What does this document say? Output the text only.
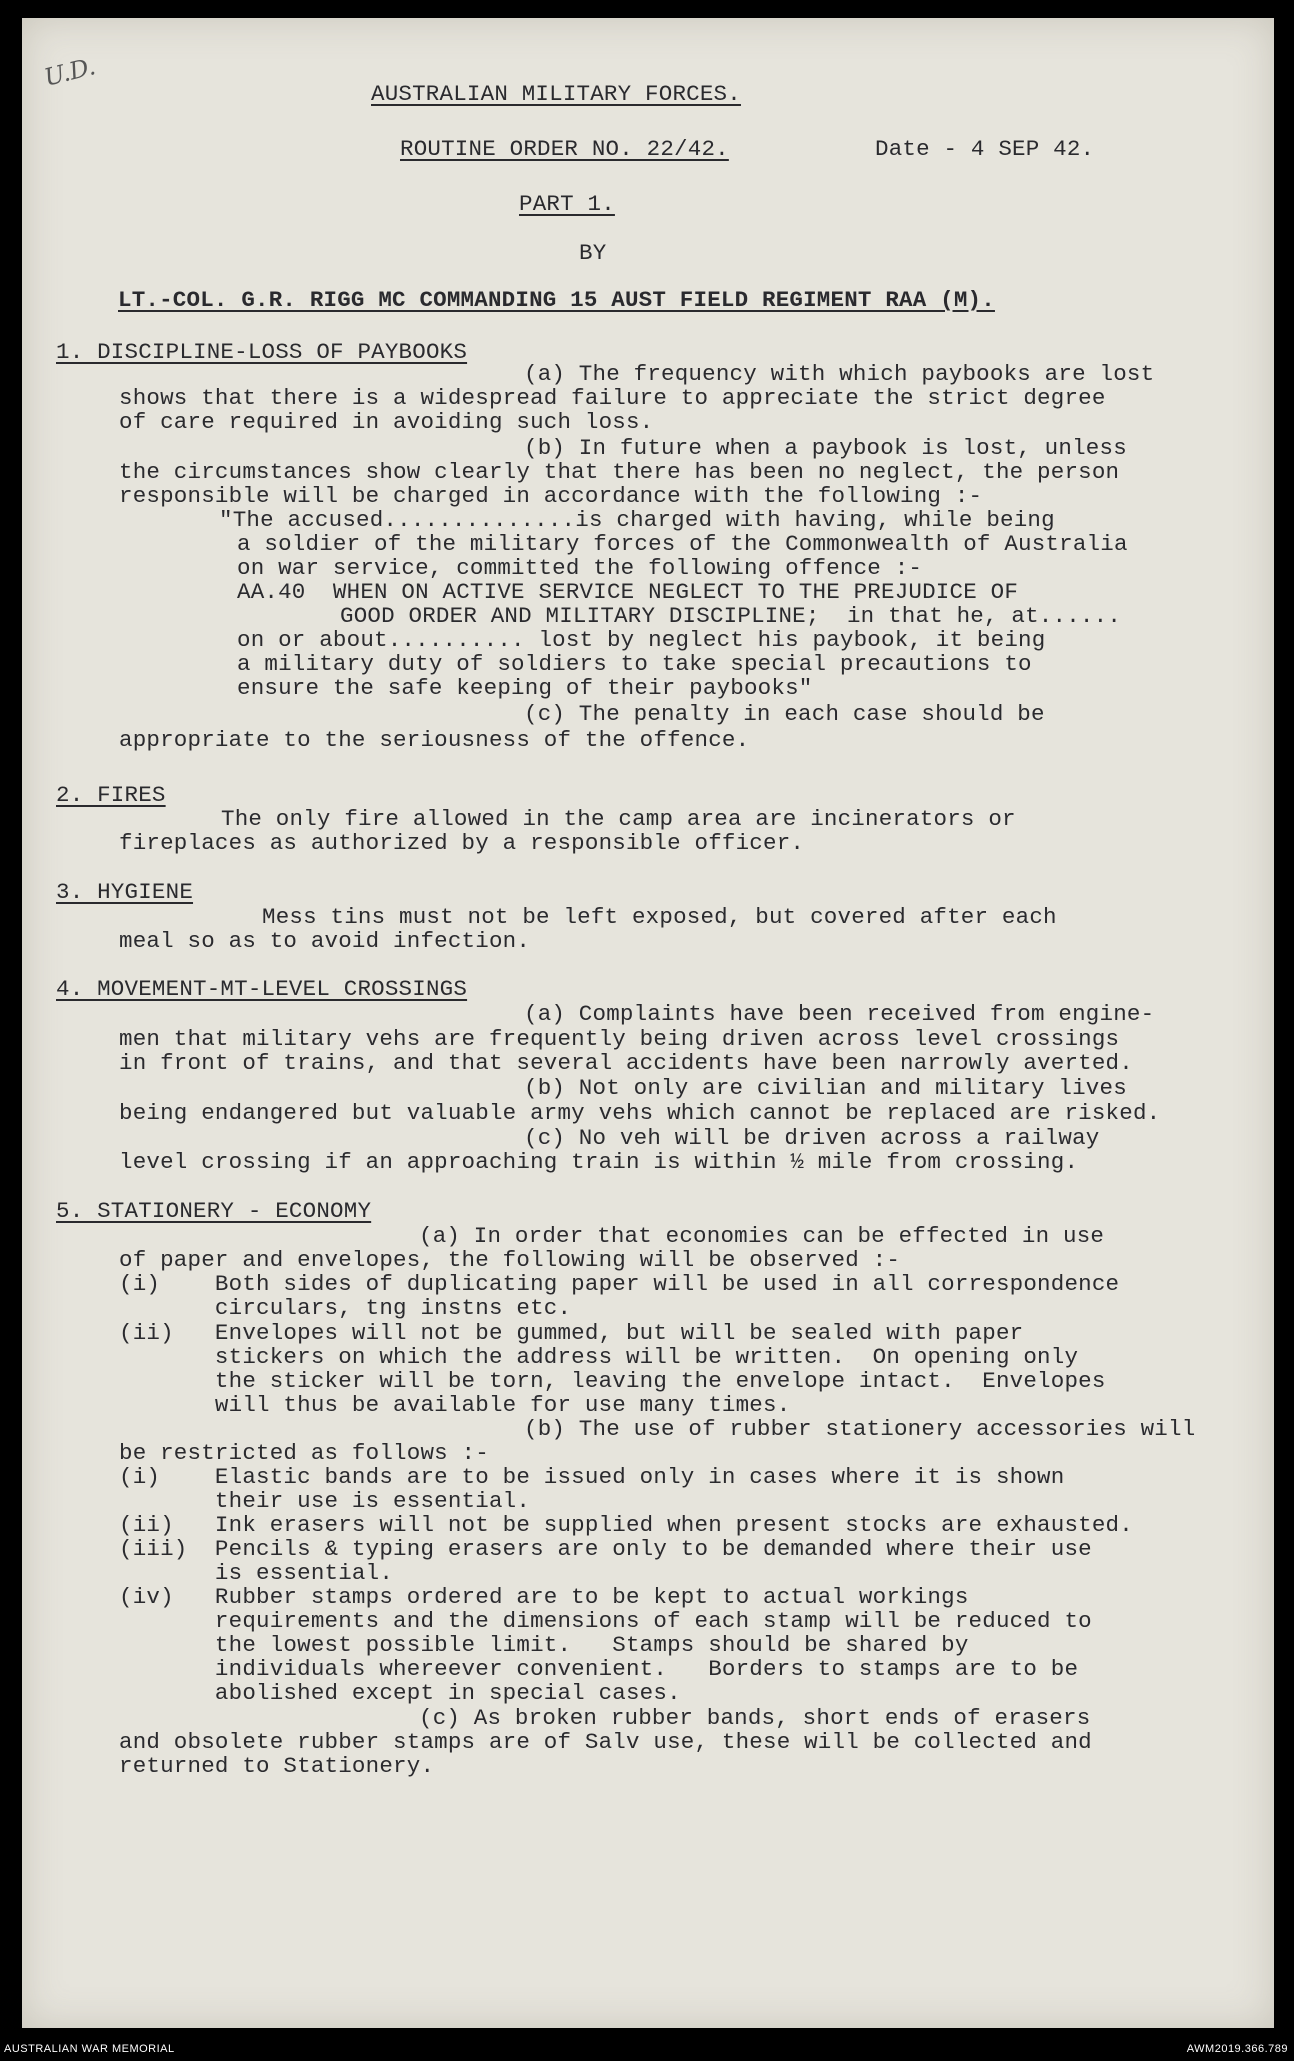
U.D.
AUSTRALIAN MILITARY FORCES.
ROUTINE ORDER NO. 22/42.	Date - 4 SEP 42.
PART 1.
BY
LT.-COL. G.R. RIGG MC COMMANDING 15 AUST FIELD REGIMENT RAA (M).
1. DISCIPLINE-LOSS OF PAYBOOKS
(a) The frequency with which paybooks are lost
shows that there is a widespread failure to appreciate the strict degree
of care required in avoiding such loss.
(b) In future when a paybook is lost, unless
the circumstances show clearly that there has been no neglect, the person
responsible will be charged in accordance with the following :-
"The accused..............is charged with having, while being
a soldier of the military forces of the Commonwealth of Australia
on war service, committed the following offence :-
AA.40  WHEN ON ACTIVE SERVICE NEGLECT TO THE PREJUDICE OF
GOOD ORDER AND MILITARY DISCIPLINE;  in that he, at......
on or about.......... lost by neglect his paybook, it being
a military duty of soldiers to take special precautions to
ensure the safe keeping of their paybooks"
(c) The penalty in each case should be
appropriate to the seriousness of the offence.
2. FIRES
The only fire allowed in the camp area are incinerators or
fireplaces as authorized by a responsible officer.
3. HYGIENE
Mess tins must not be left exposed, but covered after each
meal so as to avoid infection.
4. MOVEMENT-MT-LEVEL CROSSINGS
(a) Complaints have been received from engine-
men that military vehs are frequently being driven across level crossings
in front of trains, and that several accidents have been narrowly averted.
(b) Not only are civilian and military lives
being endangered but valuable army vehs which cannot be replaced are risked.
(c) No veh will be driven across a railway
level crossing if an approaching train is within ½ mile from crossing.
5. STATIONERY - ECONOMY
(a) In order that economies can be effected in use
of paper and envelopes, the following will be observed :-
(i)    Both sides of duplicating paper will be used in all correspondence
circulars, tng instns etc.
(ii)   Envelopes will not be gummed, but will be sealed with paper
stickers on which the address will be written.  On opening only
the sticker will be torn, leaving the envelope intact.  Envelopes
will thus be available for use many times.
(b) The use of rubber stationery accessories will
be restricted as follows :-
(i)    Elastic bands are to be issued only in cases where it is shown
their use is essential.
(ii)   Ink erasers will not be supplied when present stocks are exhausted.
(iii)  Pencils & typing erasers are only to be demanded where their use
is essential.
(iv)   Rubber stamps ordered are to be kept to actual workings
requirements and the dimensions of each stamp will be reduced to
the lowest possible limit.   Stamps should be shared by
individuals whereever convenient.   Borders to stamps are to be
abolished except in special cases.
(c) As broken rubber bands, short ends of erasers
and obsolete rubber stamps are of Salv use, these will be collected and
returned to Stationery.
AUSTRALIAN WAR MEMORIAL	AWM2019.366.789
